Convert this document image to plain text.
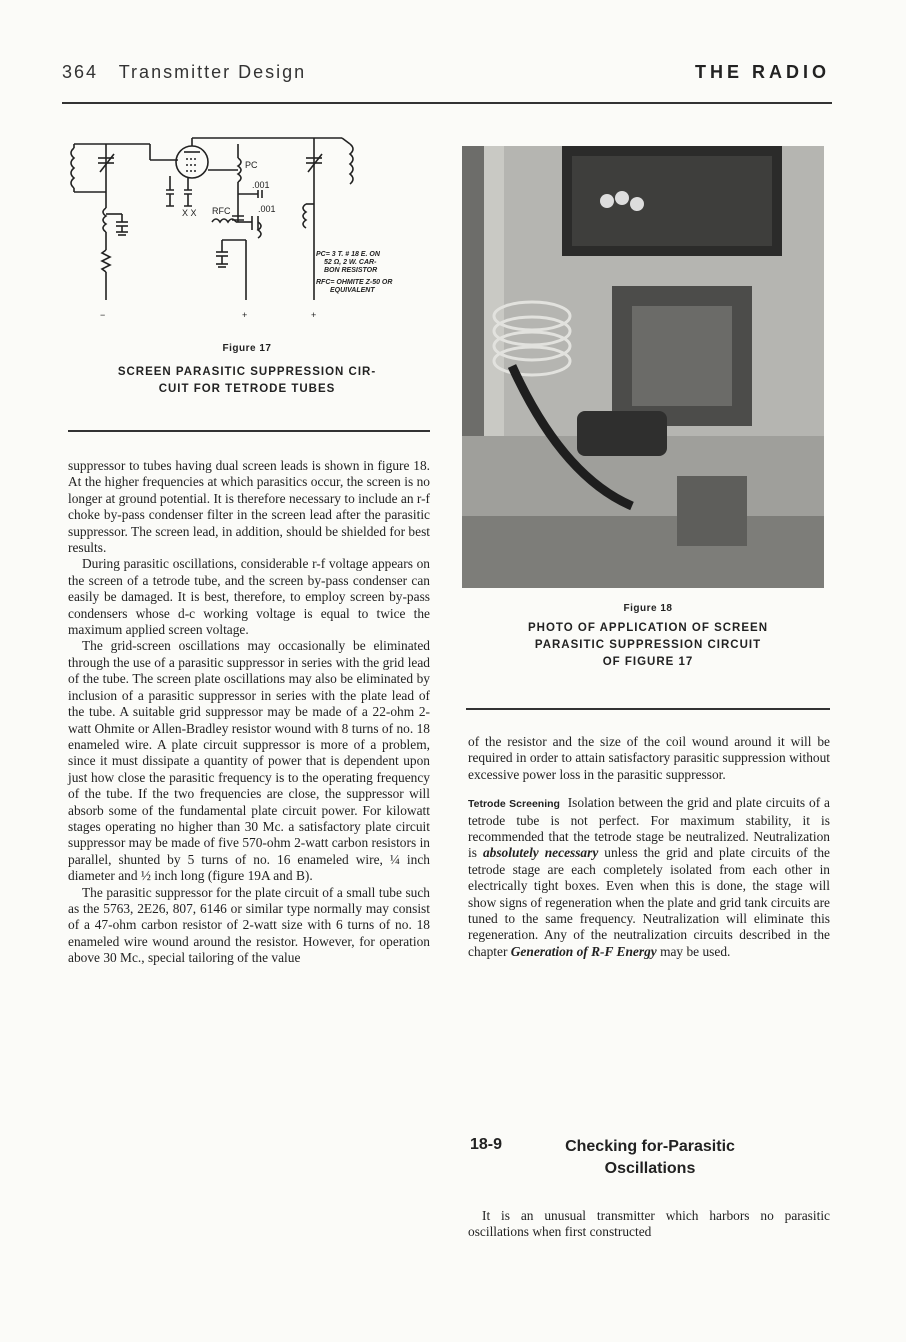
364 Transmitter Design	THE RADIO
PC
.001
.001
RFC
X X
−	+	+
PC= 3 T. # 18 E. ON
52 Ω, 2 W. CAR-
BON RESISTOR
RFC= OHMITE Z-50 OR
EQUIVALENT
Figure 17
SCREEN PARASITIC SUPPRESSION CIR-
CUIT FOR TETRODE TUBES
Figure 18
PHOTO OF APPLICATION OF SCREEN
PARASITIC SUPPRESSION CIRCUIT
OF FIGURE 17

suppressor to tubes having dual screen leads is shown in figure 18. At the higher frequencies at which parasitics occur, the screen is no longer at ground potential. It is therefore necessary to include an r-f choke by-pass condenser filter in the screen lead after the parasitic suppressor. The screen lead, in addition, should be shielded for best results.

During parasitic oscillations, considerable r-f voltage appears on the screen of a tetrode tube, and the screen by-pass condenser can easily be damaged. It is best, therefore, to employ screen by-pass condensers whose d-c working voltage is equal to twice the maximum applied screen voltage.

The grid-screen oscillations may occasionally be eliminated through the use of a parasitic suppressor in series with the grid lead of the tube. The screen plate oscillations may also be eliminated by inclusion of a parasitic suppressor in series with the plate lead of the tube. A suitable grid suppressor may be made of a 22-ohm 2-watt Ohmite or Allen-Bradley resistor wound with 8 turns of no. 18 enameled wire. A plate circuit suppressor is more of a problem, since it must dissipate a quantity of power that is dependent upon just how close the parasitic frequency is to the operating frequency of the tube. If the two frequencies are close, the suppressor will absorb some of the fundamental plate circuit power. For kilowatt stages operating no higher than 30 Mc. a satisfactory plate circuit suppressor may be made of five 570-ohm 2-watt carbon resistors in parallel, shunted by 5 turns of no. 16 enameled wire, ¼ inch diameter and ½ inch long (figure 19A and B).

The parasitic suppressor for the plate circuit of a small tube such as the 5763, 2E26, 807, 6146 or similar type normally may consist of a 47-ohm carbon resistor of 2-watt size with 6 turns of no. 18 enameled wire wound around the resistor. However, for operation above 30 Mc., special tailoring of the value

of the resistor and the size of the coil wound around it will be required in order to attain satisfactory parasitic suppression without excessive power loss in the parasitic suppressor.

Tetrode Screening Isolation between the grid and plate circuits of a tetrode tube is not perfect. For maximum stability, it is recommended that the tetrode stage be neutralized. Neutralization is absolutely necessary unless the grid and plate circuits of the tetrode stage are each completely isolated from each other in electrically tight boxes. Even when this is done, the stage will show signs of regeneration when the plate and grid tank circuits are tuned to the same frequency. Neutralization will eliminate this regeneration. Any of the neutralization circuits described in the chapter Generation of R-F Energy may be used.

18-9	Checking for-Parasitic
Oscillations

It is an unusual transmitter which harbors no parasitic oscillations when first constructed
